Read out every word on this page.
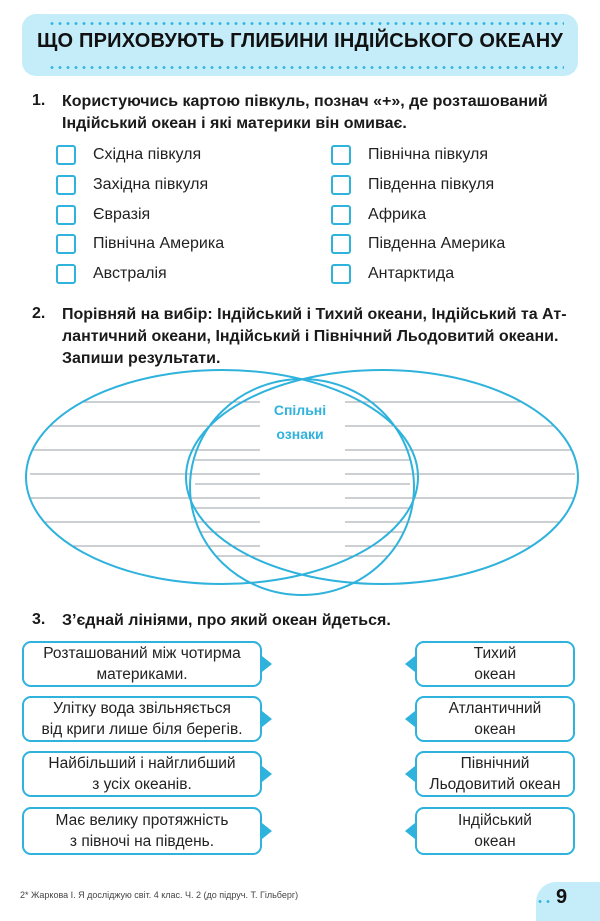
ЩО ПРИХОВУЮТЬ ГЛИБИНИ ІНДІЙСЬКОГО ОКЕАНУ
1. Користуючись картою півкуль, познач «+», де розташований
Індійський океан і які материки він омиває.
Східна півкуля
Західна півкуля
Євразія
Північна Америка
Австралія
Північна півкуля
Південна півкуля
Африка
Південна Америка
Антарктида
2. Порівняй на вибір: Індійський і Тихий океани, Індійський та Ат-
лантичний океани, Індійський і Північний Льодовитий океани.
Запиши результати.
Спільні
ознаки
3. З’єднай лініями, про який океан йдеться.
Розташований між чотирма
материками.
Улітку вода звільняється
від криги лише біля берегів.
Найбільший і найглибший
з усіх океанів.
Має велику протяжність
з півночі на південь.
Тихий
океан
Атлантичний
океан
Північний
Льодовитий океан
Індійський
океан
2* Жаркова І. Я досліджую світ. 4 клас. Ч. 2 (до підруч. Т. Гільберг)	9
